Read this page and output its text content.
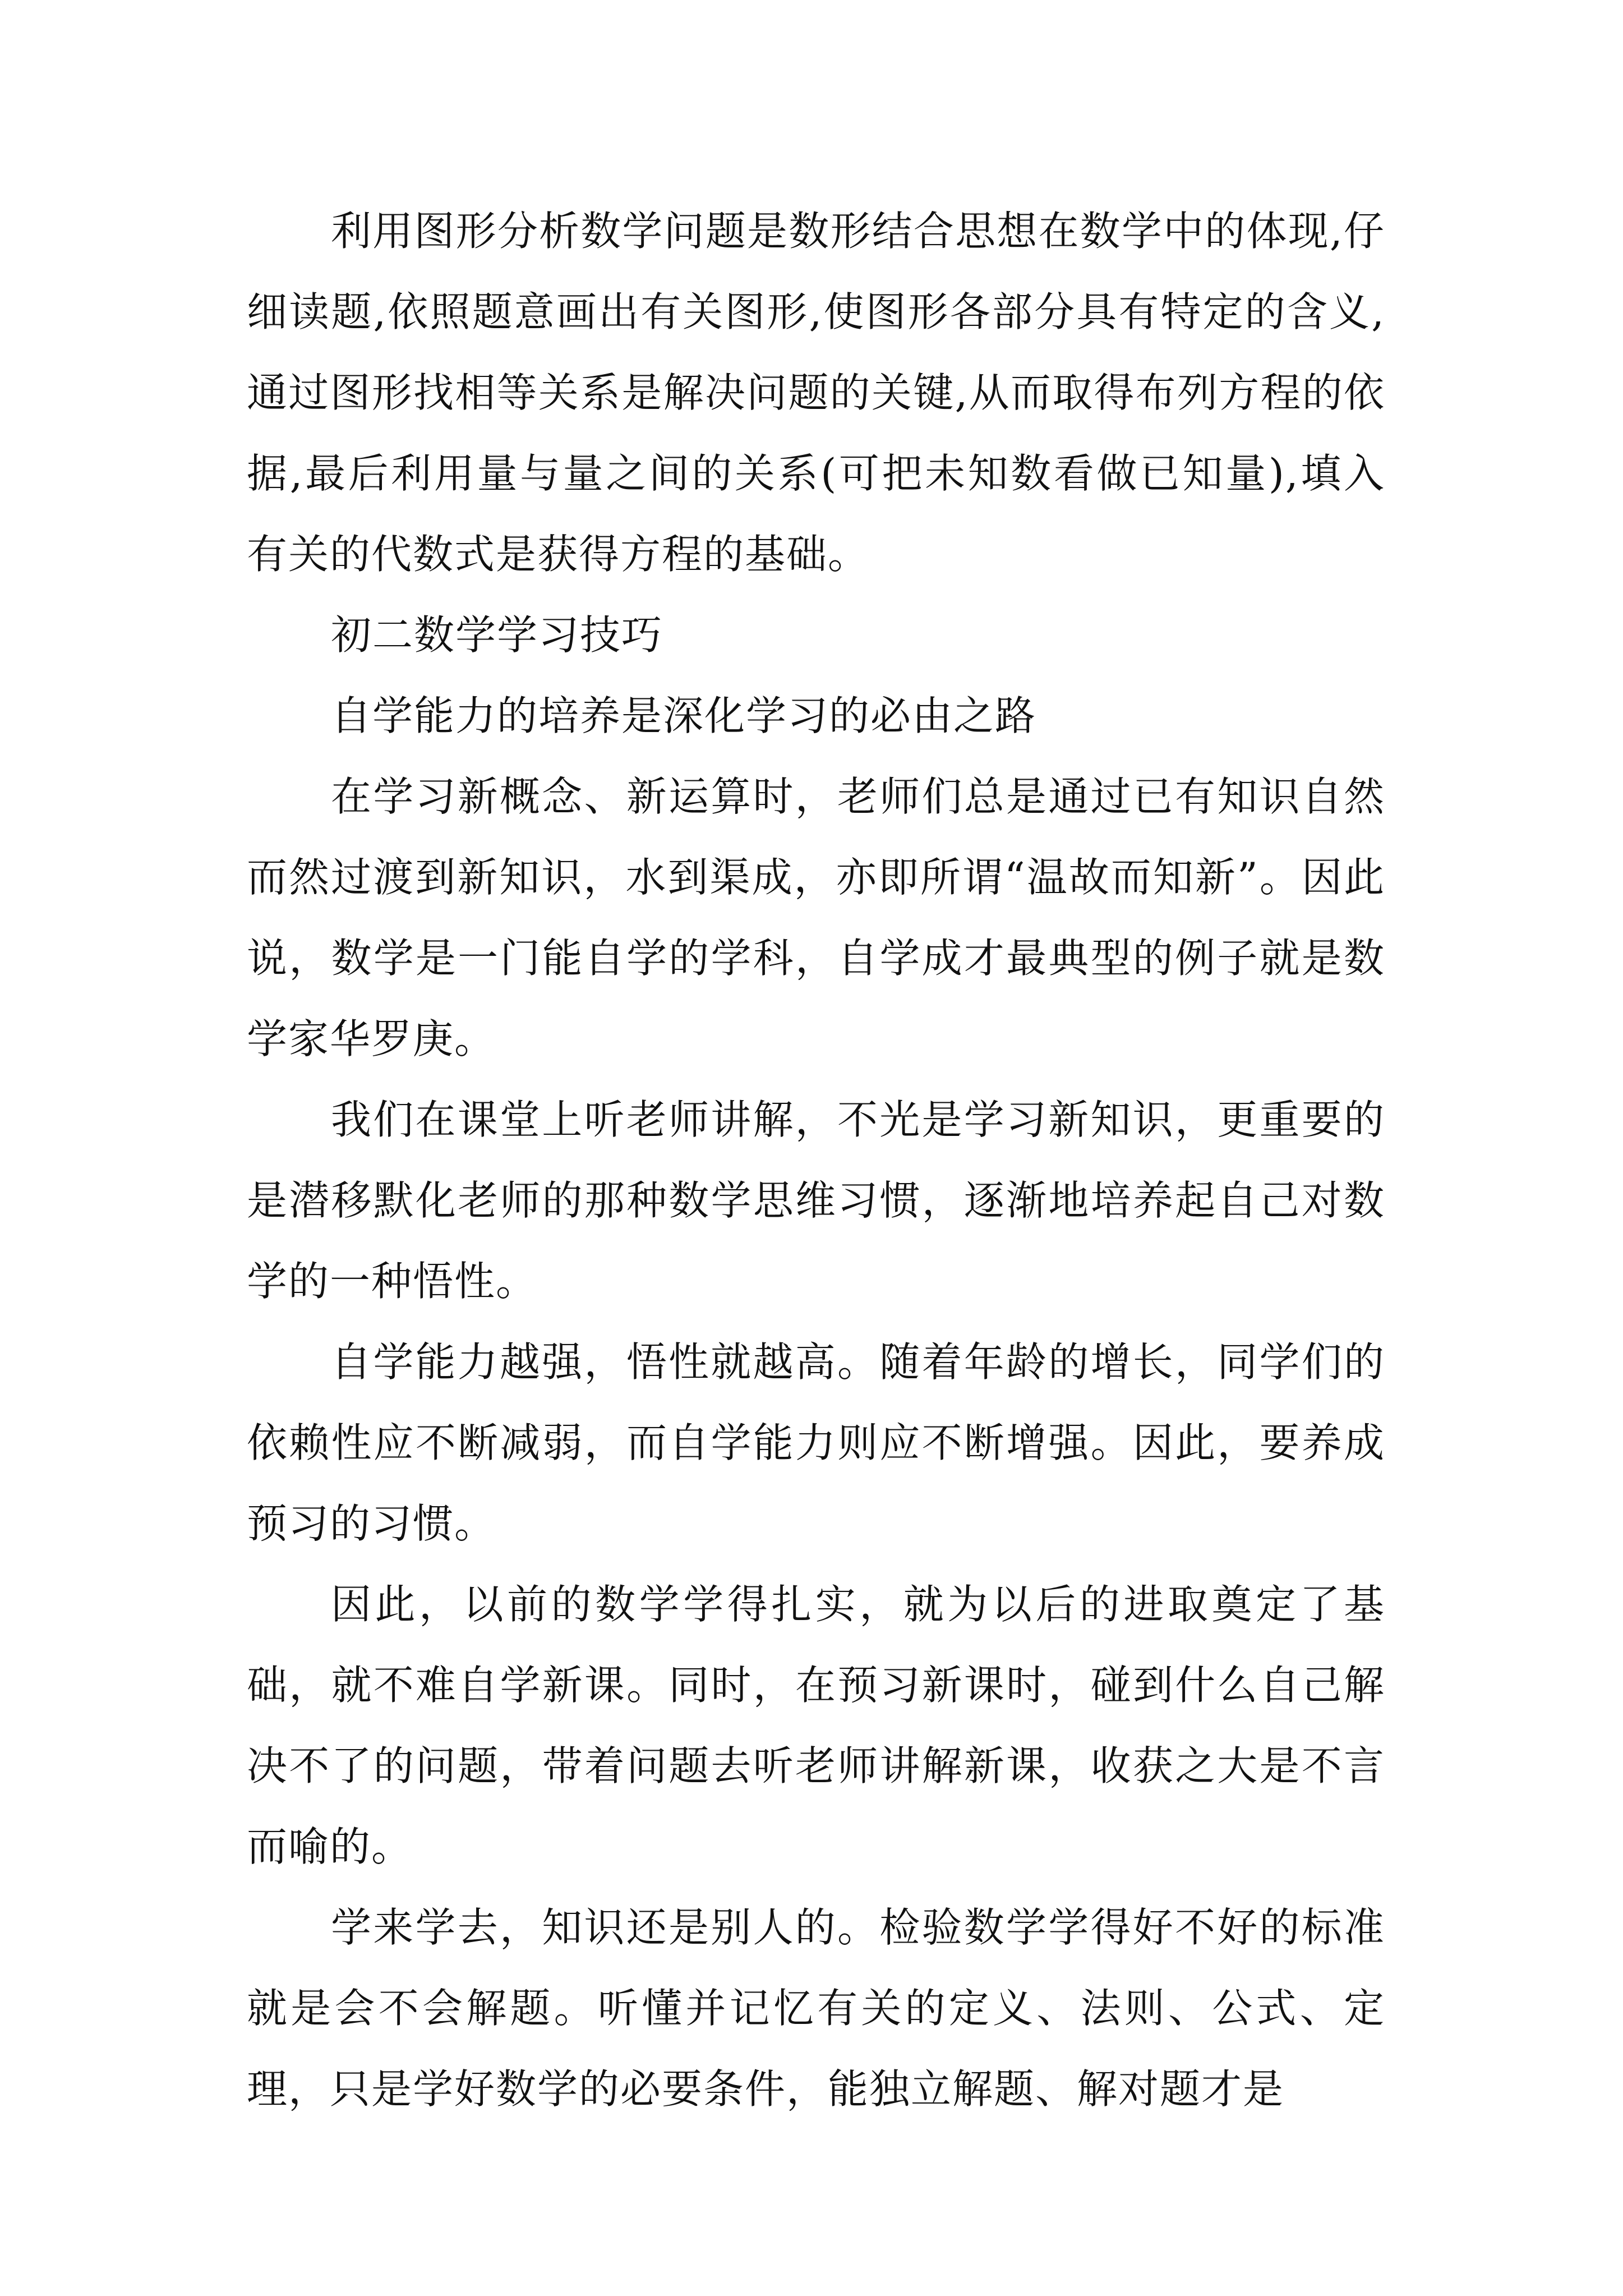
利用图形分析数学问题是数形结合思想在数学中的体现,仔细读题,依照题意画出有关图形,使图形各部分具有特定的含义,通过图形找相等关系是解决问题的关键,从而取得布列方程的依据,最后利用量与量之间的关系(可把未知数看做已知量),填入有关的代数式是获得方程的基础。

初二数学学习技巧

自学能力的培养是深化学习的必由之路

在学习新概念、新运算时，老师们总是通过已有知识自然而然过渡到新知识，水到渠成，亦即所谓“温故而知新”。因此说，数学是一门能自学的学科，自学成才最典型的例子就是数学家华罗庚。

我们在课堂上听老师讲解，不光是学习新知识，更重要的是潜移默化老师的那种数学思维习惯，逐渐地培养起自己对数学的一种悟性。

自学能力越强，悟性就越高。随着年龄的增长，同学们的依赖性应不断减弱，而自学能力则应不断增强。因此，要养成预习的习惯。

因此，以前的数学学得扎实，就为以后的进取奠定了基础，就不难自学新课。同时，在预习新课时，碰到什么自己解决不了的问题，带着问题去听老师讲解新课，收获之大是不言而喻的。

学来学去，知识还是别人的。检验数学学得好不好的标准就是会不会解题。听懂并记忆有关的定义、法则、公式、定理，只是学好数学的必要条件，能独立解题、解对题才是
